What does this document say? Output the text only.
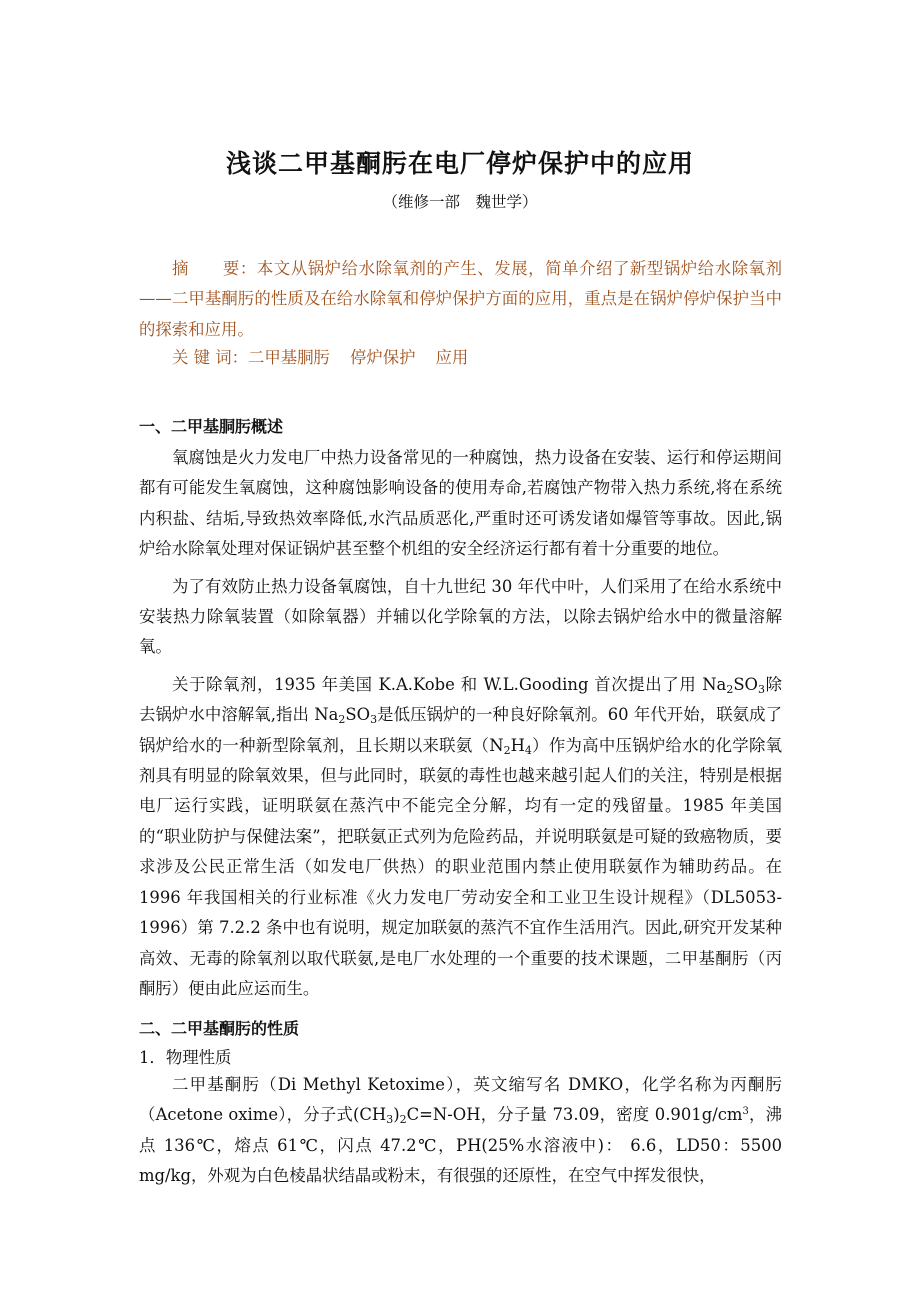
浅谈二甲基酮肟在电厂停炉保护中的应用
（维修一部　魏世学）
摘　　要：本文从锅炉给水除氧剂的产生、发展，简单介绍了新型锅炉给水除氧剂——二甲基酮肟的性质及在给水除氧和停炉保护方面的应用，重点是在锅炉停炉保护当中的探索和应用。
关 键 词：二甲基胴肟 停炉保护 应用
一、二甲基胴肟概述

氧腐蚀是火力发电厂中热力设备常见的一种腐蚀，热力设备在安装、运行和停运期间都有可能发生氧腐蚀，这种腐蚀影响设备的使用寿命,若腐蚀产物带入热力系统,将在系统内积盐、结垢,导致热效率降低,水汽品质恶化,严重时还可诱发诸如爆管等事故。因此,锅炉给水除氧处理对保证锅炉甚至整个机组的安全经济运行都有着十分重要的地位。

为了有效防止热力设备氧腐蚀，自十九世纪 30 年代中叶，人们采用了在给水系统中安装热力除氧装置（如除氧器）并辅以化学除氧的方法，以除去锅炉给水中的微量溶解氧。

关于除氧剂，1935 年美国 K.A.Kobe 和 W.L.Gooding 首次提出了用 $Na_2SO_3$除去锅炉水中溶解氧,指出 $Na_2SO_3$是低压锅炉的一种良好除氧剂。60 年代开始，联氨成了锅炉给水的一种新型除氧剂，且长期以来联氨$(N_2H_4)$作为高中压锅炉给水的化学除氧剂具有明显的除氧效果，但与此同时，联氨的毒性也越来越引起人们的关注，特别是根据电厂运行实践，证明联氨在蒸汽中不能完全分解，均有一定的残留量。1985 年美国的“职业防护与保健法案”，把联氨正式列为危险药品，并说明联氨是可疑的致癌物质，要求涉及公民正常生活（如发电厂供热）的职业范围内禁止使用联氨作为辅助药品。在 1996 年我国相关的行业标准《火力发电厂劳动安全和工业卫生设计规程》（DL5053-1996）第 7.2.2 条中也有说明，规定加联氨的蒸汽不宜作生活用汽。因此,研究开发某种高效、无毒的除氧剂以取代联氨,是电厂水处理的一个重要的技术课题，二甲基酮肟（丙酮肟）便由此应运而生。

二、二甲基酮肟的性质
1．物理性质

二甲基酮肟（Di Methyl Ketoxime），英文缩写名 DMKO，化学名称为丙酮肟（Acetone oxime），分子式$(CH_3)_2C=N-OH$，分子量 73.09，密度 $0.901g/cm^3$，沸点 136℃，熔点 61℃，闪点 47.2℃，PH(25%水溶液中)： 6.6，LD50：5500 mg/kg，外观为白色棱晶状结晶或粉末，有很强的还原性，在空气中挥发很快，
